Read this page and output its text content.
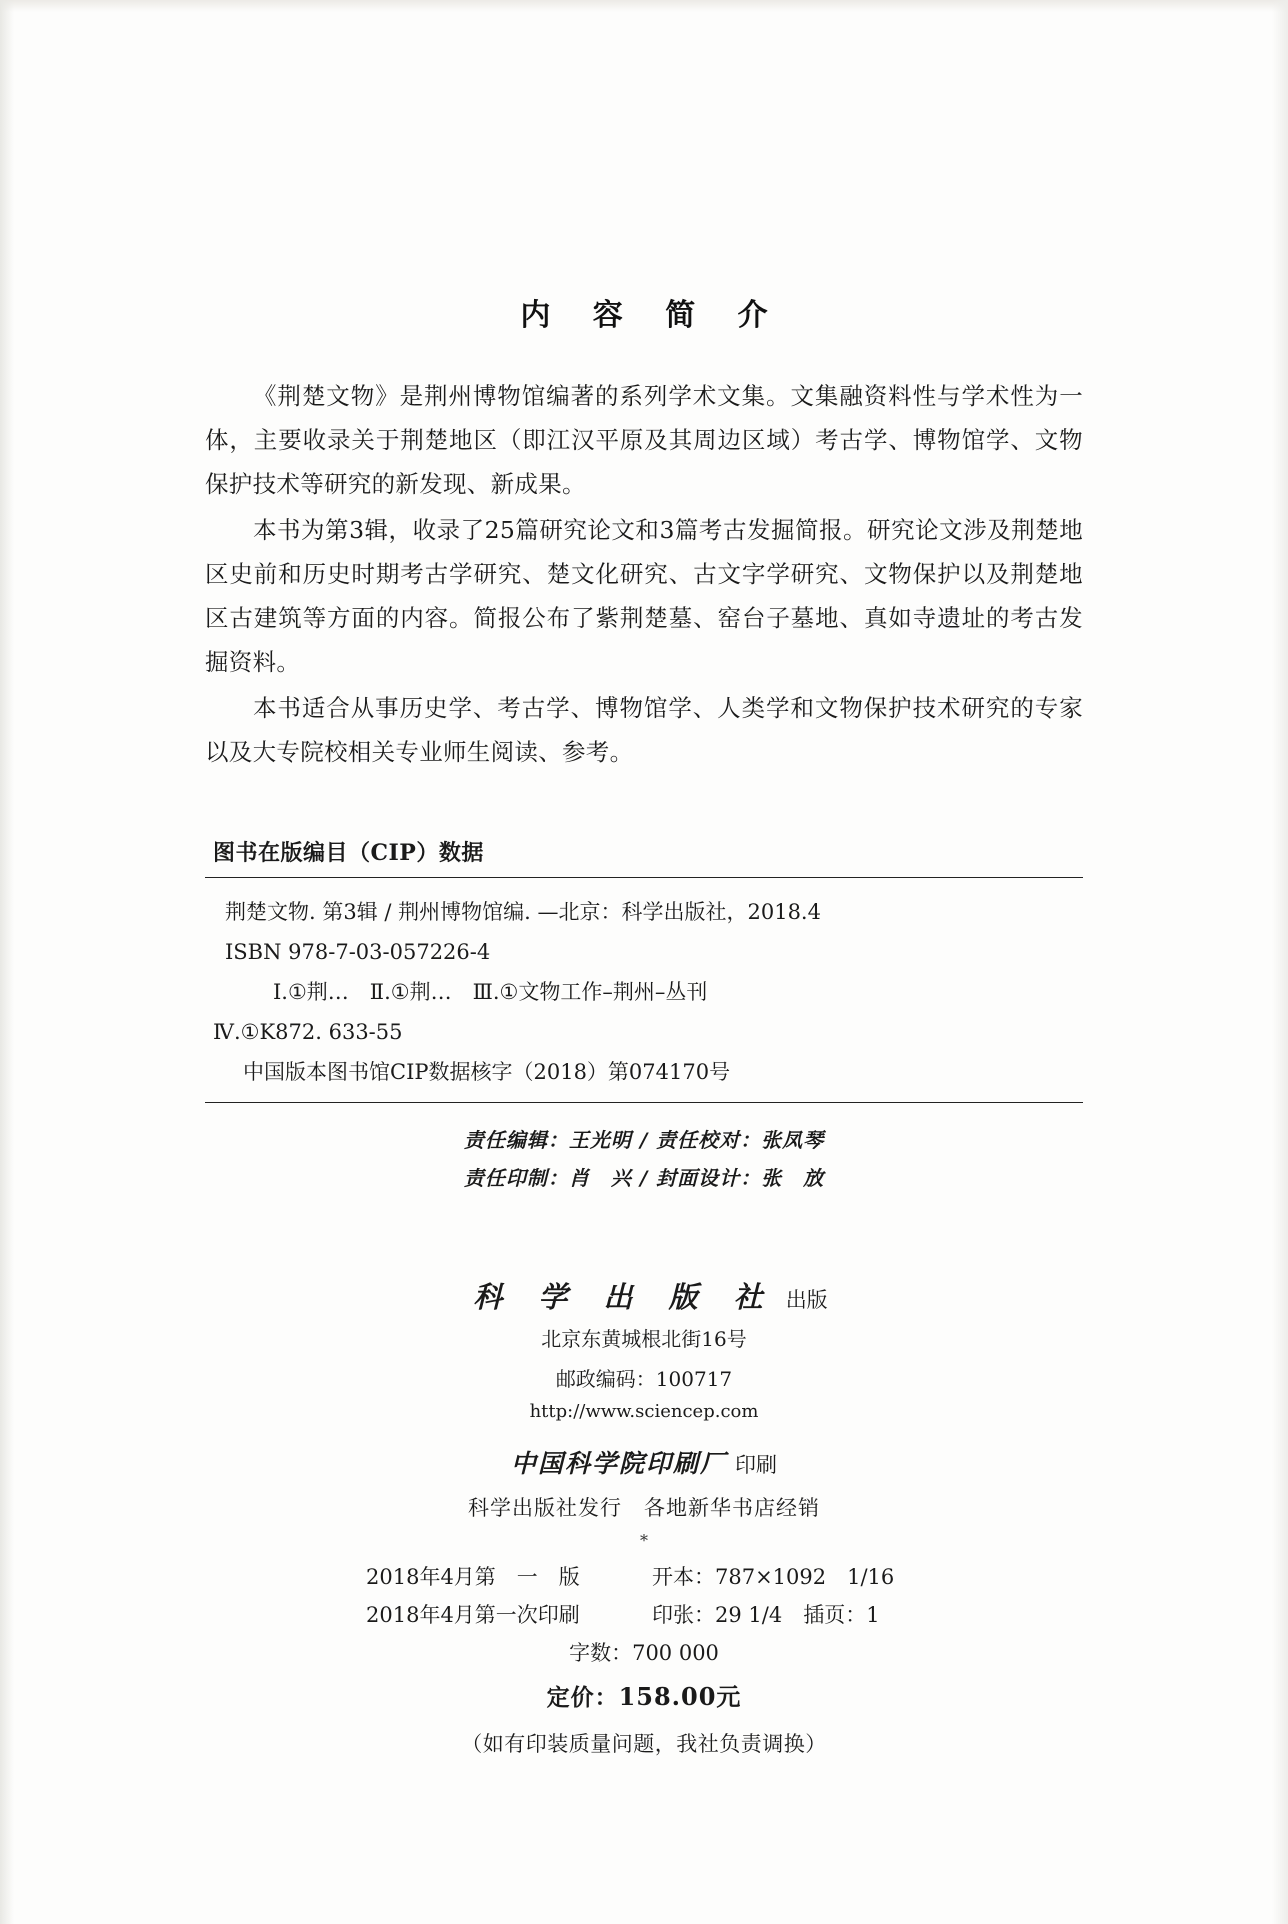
内 容 简 介

《荆楚文物》是荆州博物馆编著的系列学术文集。文集融资料性与学术性为一体，主要收录关于荆楚地区（即江汉平原及其周边区域）考古学、博物馆学、文物保护技术等研究的新发现、新成果。

本书为第3辑，收录了25篇研究论文和3篇考古发掘简报。研究论文涉及荆楚地区史前和历史时期考古学研究、楚文化研究、古文字学研究、文物保护以及荆楚地区古建筑等方面的内容。简报公布了紫荆楚墓、窑台子墓地、真如寺遗址的考古发掘资料。

本书适合从事历史学、考古学、博物馆学、人类学和文物保护技术研究的专家以及大专院校相关专业师生阅读、参考。

图书在版编目（CIP）数据
荆楚文物. 第3辑 / 荆州博物馆编. —北京：科学出版社，2018.4
ISBN 978-7-03-057226-4
Ⅰ.①荆…　Ⅱ.①荆…　Ⅲ.①文物工作–荆州–丛刊
Ⅳ.①K872. 633-55
中国版本图书馆CIP数据核字（2018）第074170号
责任编辑：王光明 / 责任校对：张凤琴
责任印制：肖　兴 / 封面设计：张　放
科 学 出 版 社 出版
北京东黄城根北街16号
邮政编码：100717
http://www.sciencep.com
中国科学院印刷厂 印刷
科学出版社发行　各地新华书店经销
*
2018年4月第　一　版	开本：787×1092　1/16
2018年4月第一次印刷	印张：29 1/4　插页：1
字数：700 000
定价：158.00元
（如有印装质量问题，我社负责调换）
